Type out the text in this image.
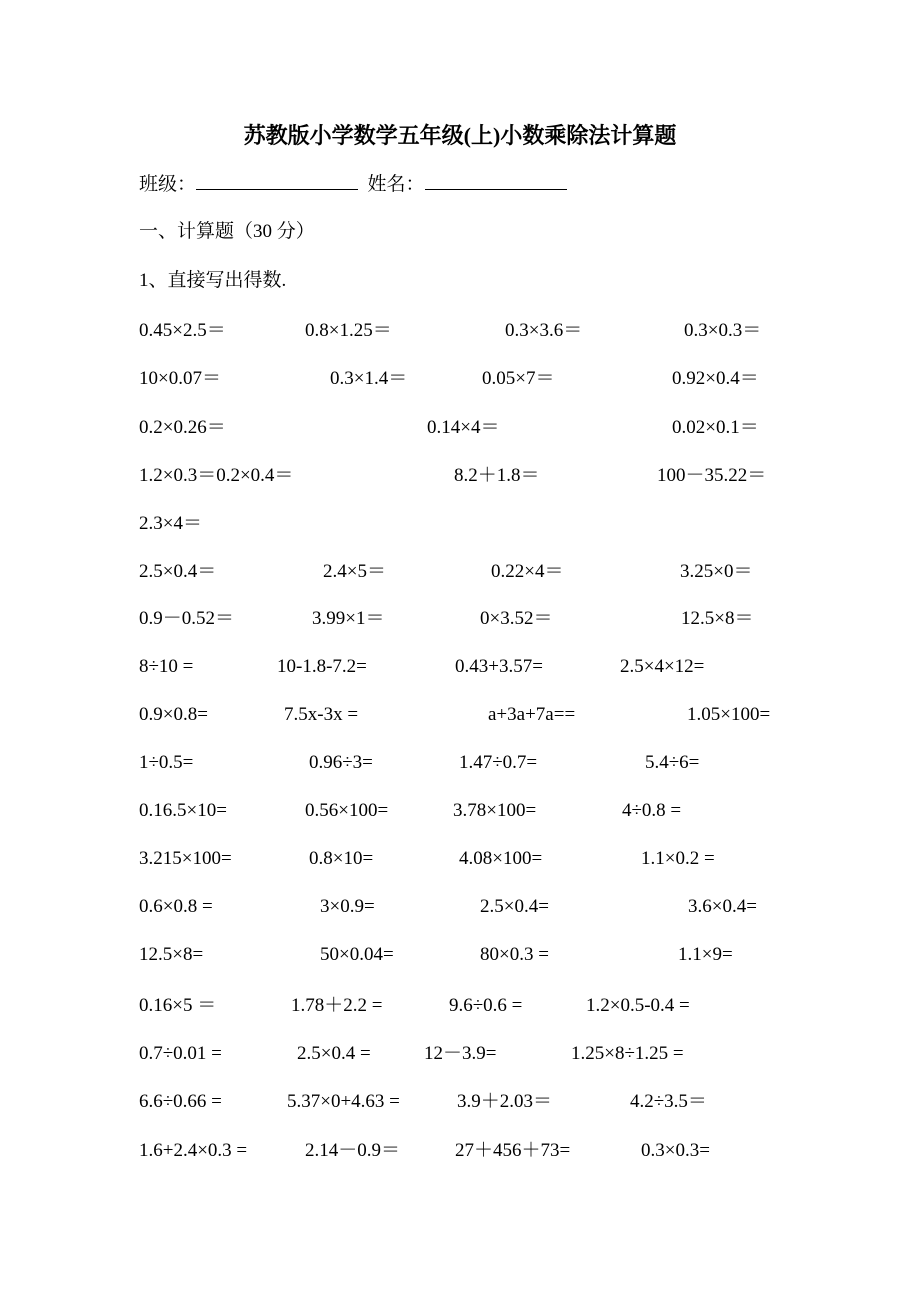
苏教版小学数学五年级(上)小数乘除法计算题
班级：	姓名：
一、计算题（30 分）
1、直接写出得数.
0.45×2.5＝	0.8×1.25＝	0.3×3.6＝	0.3×0.3＝
10×0.07＝	0.3×1.4＝	0.05×7＝	0.92×0.4＝
0.2×0.26＝	0.14×4＝	0.02×0.1＝
1.2×0.3＝0.2×0.4＝	8.2＋1.8＝	100－35.22＝
2.3×4＝
2.5×0.4＝	2.4×5＝	0.22×4＝	3.25×0＝
0.9－0.52＝	3.99×1＝	0×3.52＝	12.5×8＝
8÷10 =	10-1.8-7.2=	0.43+3.57=	2.5×4×12=
0.9×0.8=	7.5x-3x =	a+3a+7a==	1.05×100=
1÷0.5=	0.96÷3=	1.47÷0.7=	5.4÷6=
0.16.5×10=	0.56×100=	3.78×100=	4÷0.8 =
3.215×100=	0.8×10=	4.08×100=	1.1×0.2 =
0.6×0.8 =	3×0.9=	2.5×0.4=	3.6×0.4=
12.5×8=	50×0.04=	80×0.3 =	1.1×9=
0.16×5 ＝	1.78＋2.2 =	9.6÷0.6 =	1.2×0.5-0.4 =
0.7÷0.01 =	2.5×0.4 =	12－3.9=	1.25×8÷1.25 =
6.6÷0.66 =	5.37×0+4.63 =	3.9＋2.03＝	4.2÷3.5＝
1.6+2.4×0.3 =	2.14－0.9＝	27＋456＋73=	0.3×0.3=
